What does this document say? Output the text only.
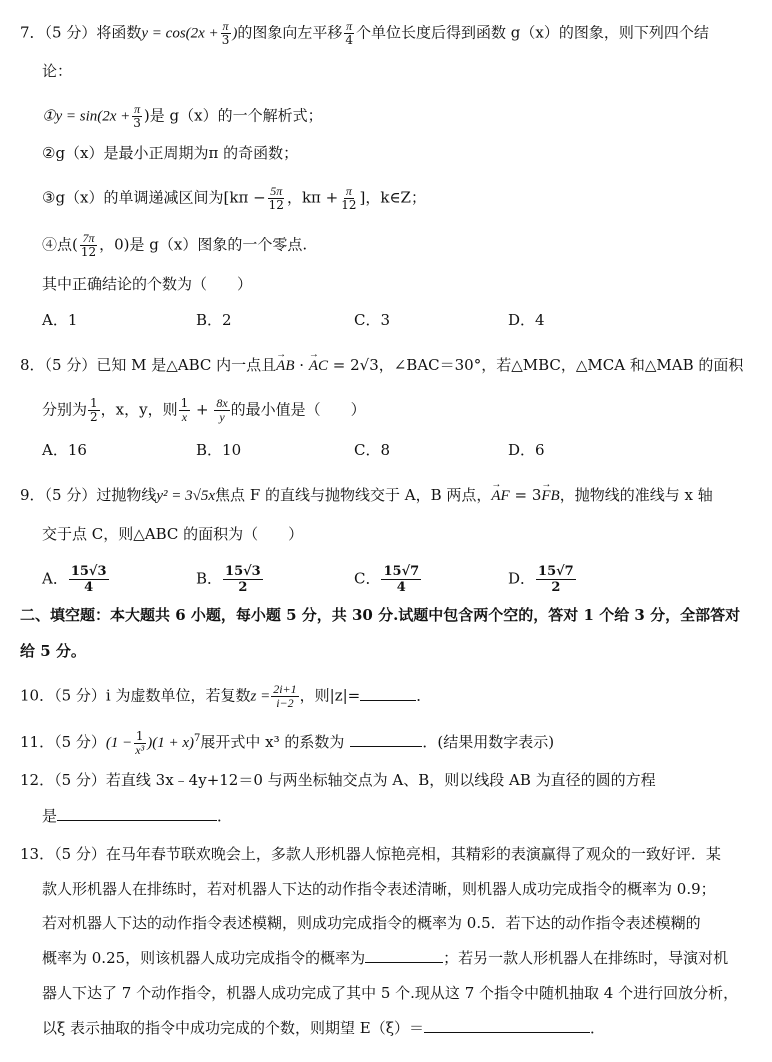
7．（5 分）将函数$y = \cos(2x + \frac{\pi}{3}$ )的图象向左平移 $\frac{\pi}{4}$ 个单位长度后得到函数 g（x）的图象，则下列四个结
论：
①y = $\sin(2x + \frac{\pi}{3}$ )是 g（x）的一个解析式；
②g（x）是最小正周期为π 的奇函数；
③g（x）的单调递减区间为[$k\pi - \frac{5\pi}{12}$ ，$k\pi + \frac{\pi}{12}$ ]，k∈Z；
④点( $\frac{7\pi}{12}$ ，0)是 g（x）图象的一个零点.
其中正确结论的个数为（　　）
A．1	B．2	C．3	D．4
8．（5 分）已知 M 是△ABC 内一点且→ AB · → AC = 2√3，∠BAC＝30°，若△MBC，△MCA 和△MAB 的面积
分别为 $\frac{1}{2}$ ，x，y，则 $\frac{1}{x} + \frac{8x}{y}$ 的最小值是（　　）
A．16	B．10	C．8	D．6
9．（5 分）过抛物线y² = 3√5x焦点 F 的直线与抛物线交于 A，B 两点，→ AF = 3→ FB，抛物线的准线与 x 轴
交于点 C，则△ABC 的面积为（　　）
A． $\frac{15√3}{4}$	B． $\frac{15√3}{2}$	C． $\frac{15√7}{4}$	D． $\frac{15√7}{2}$
二、填空题：本大题共 6 小题，每小题 5 分，共 30 分.试题中包含两个空的，答对 1 个给 3 分，全部答对
给 5 分。
10．（5 分）i 为虚数单位，若复数$z = \frac{2i+1}{i-2}$ ，则|z|=	．
11．（5 分）$(1 - \frac{1}{\text{x³}} )(1 + x)^7$展开式中 x³ 的系数为	．(结果用数字表示)
12．（5 分）若直线 3x﹣4y+12＝0 与两坐标轴交点为 A、B，则以线段 AB 为直径的圆的方程
是	．
13．（5 分）在马年春节联欢晚会上，多款人形机器人惊艳亮相，其精彩的表演赢得了观众的一致好评．某
款人形机器人在排练时，若对机器人下达的动作指令表述清晰，则机器人成功完成指令的概率为 0.9；
若对机器人下达的动作指令表述模糊，则成功完成指令的概率为 0.5．若下达的动作指令表述模糊的
概率为 0.25，则该机器人成功完成指令的概率为	；若另一款人形机器人在排练时，导演对机
器人下达了 7 个动作指令，机器人成功完成了其中 5 个.现从这 7 个指令中随机抽取 4 个进行回放分析，
以ξ 表示抽取的指令中成功完成的个数，则期望 E（ξ）＝	．
